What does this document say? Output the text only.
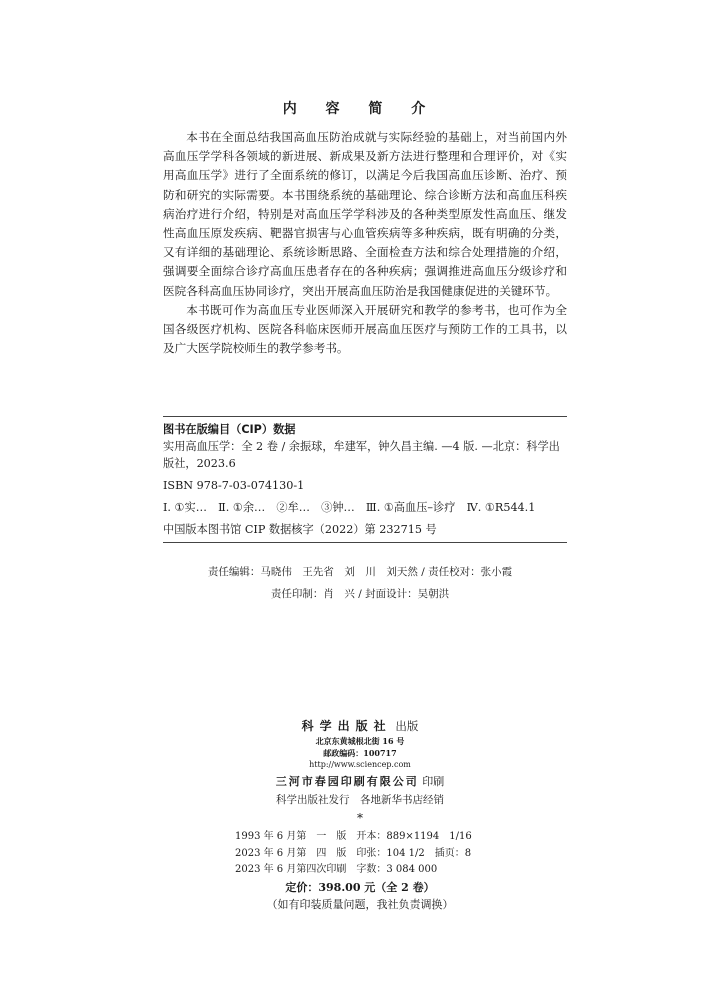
内 容 简 介

本书在全面总结我国高血压防治成就与实际经验的基础上，对当前国内外高血压学学科各领域的新进展、新成果及新方法进行整理和合理评价，对《实用高血压学》进行了全面系统的修订，以满足今后我国高血压诊断、治疗、预防和研究的实际需要。本书围绕系统的基础理论、综合诊断方法和高血压科疾病治疗进行介绍，特别是对高血压学学科涉及的各种类型原发性高血压、继发性高血压原发疾病、靶器官损害与心血管疾病等多种疾病，既有明确的分类，又有详细的基础理论、系统诊断思路、全面检查方法和综合处理措施的介绍，强调要全面综合诊疗高血压患者存在的各种疾病；强调推进高血压分级诊疗和医院各科高血压协同诊疗，突出开展高血压防治是我国健康促进的关键环节。

本书既可作为高血压专业医师深入开展研究和教学的参考书，也可作为全国各级医疗机构、医院各科临床医师开展高血压医疗与预防工作的工具书，以及广大医学院校师生的教学参考书。

图书在版编目（CIP）数据
实用高血压学：全 2 卷 / 余振球，牟建军，钟久昌主编. —4 版. —北京：科学出版社，2023.6
ISBN 978-7-03-074130-1
Ⅰ. ①实…　Ⅱ. ①余…　②牟…　③钟…　Ⅲ. ①高血压–诊疗　Ⅳ. ①R544.1
中国版本图书馆 CIP 数据核字（2022）第 232715 号
责任编辑：马晓伟　王先省　刘　川　刘天然 / 责任校对：张小霞
责任印制：肖　兴 / 封面设计：吴朝洪
科学出版社 出版
北京东黄城根北街 16 号
邮政编码：100717
http://www.sciencep.com
三河市春园印刷有限公司 印刷
科学出版社发行　各地新华书店经销
*
1993 年 6 月第　一　版　开本：889×1194　1/16
2023 年 6 月第　四　版　印张：104 1/2　插页：8
2023 年 6 月第四次印刷　字数：3 084 000
定价：398.00 元（全 2 卷）
（如有印装质量问题，我社负责调换）
